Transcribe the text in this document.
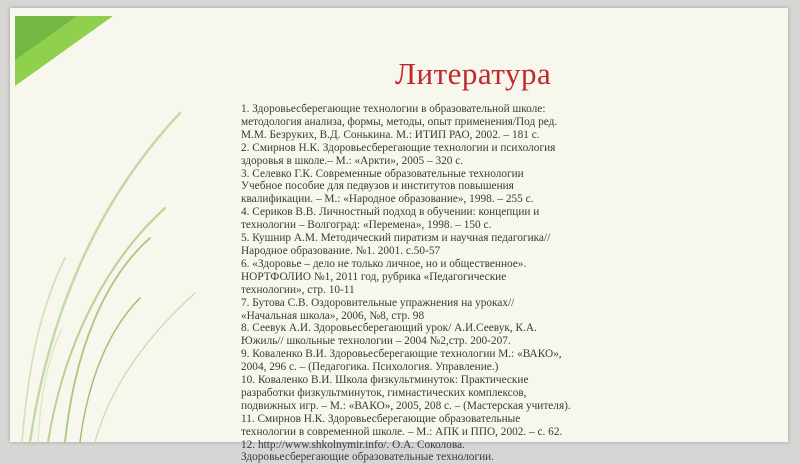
Литература
1. Здоровьесберегающие технологии в образовательной школе:
методология анализа, формы, методы, опыт применения/Под ред.
М.М. Безруких, В.Д. Сонькина. М.: ИТИП РАО, 2002. – 181 с.
2. Смирнов Н.К. Здоровьесберегающие технологии и психология
здоровья в школе.– М.: «Аркти», 2005 – 320 с.
3. Селевко Г.К. Современные образовательные технологии
Учебное пособие для педвузов и институтов повышения
квалификации. – М.: «Народное образование», 1998. – 255 с.
4. Сериков В.В. Личностный подход в обучении: концепции и
технологии – Волгоград: «Перемена», 1998. – 150 с.
5. Кушнир А.М. Методический пиратизм и научная педагогика//
Народное образование. №1. 2001. с.50-57
6. «Здоровье – дело не только личное, но и общественное».
НОРТФОЛИО №1, 2011 год, рубрика «Педагогические
технологии», стр. 10-11
7. Бутова С.В. Оздоровительные упражнения на уроках//
«Начальная школа», 2006, №8, стр. 98
8. Сеевук А.И. Здоровьесберегающий урок/ А.И.Сеевук, К.А.
Южиль// школьные технологии – 2004 №2,стр. 200-207.
9. Коваленко В.И. Здоровьесберегающие технологии М.: «ВАКО»,
2004, 296 с. – (Педагогика. Психология. Управление.)
10. Коваленко В.И. Школа физкультминуток: Практические
разработки физкультминуток, гимнастических комплексов,
подвижных игр. – М.: «ВАКО», 2005, 208 с. – (Мастерская учителя).
11. Смирнов Н.К. Здоровьесберегающие образовательные
технологии в современной школе. – М.: АПК и ППО, 2002. – с. 62.
12. http://www.shkolnymir.info/. О.А. Соколова.
Здоровьесберегающие образовательные технологии.
